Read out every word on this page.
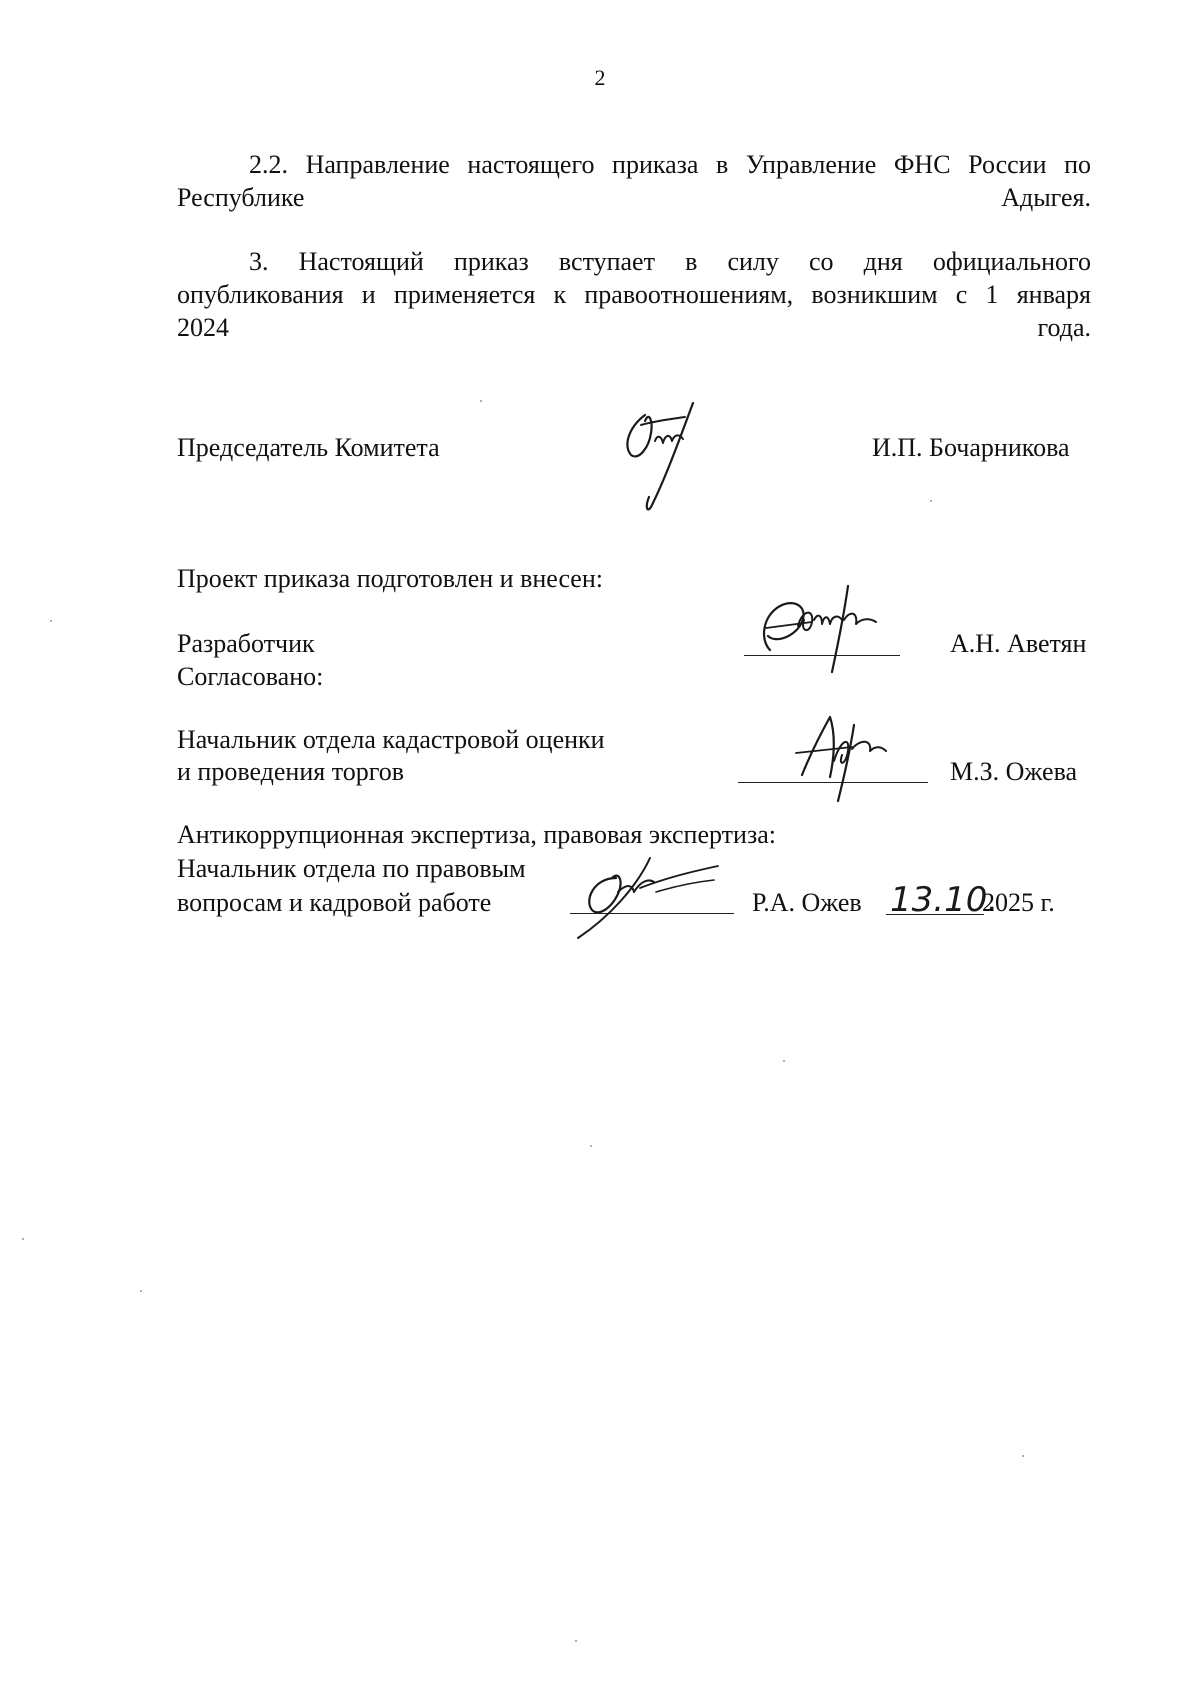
2
2.2. Направление настоящего приказа в Управление ФНС России по
Республике Адыгея.
3. Настоящий приказ вступает в силу со дня официального
опубликования и применяется к правоотношениям, возникшим с 1 января
2024 года.
Председатель Комитета	И.П. Бочарникова
Проект приказа подготовлен и внесен:
Разработчик	А.Н. Аветян
Согласовано:
Начальник отдела кадастровой оценки
и проведения торгов	М.З. Ожева
Антикоррупционная экспертиза, правовая экспертиза:
Начальник отдела по правовым
вопросам и кадровой работе	Р.А. Ожев 13.10.
2025 г.
